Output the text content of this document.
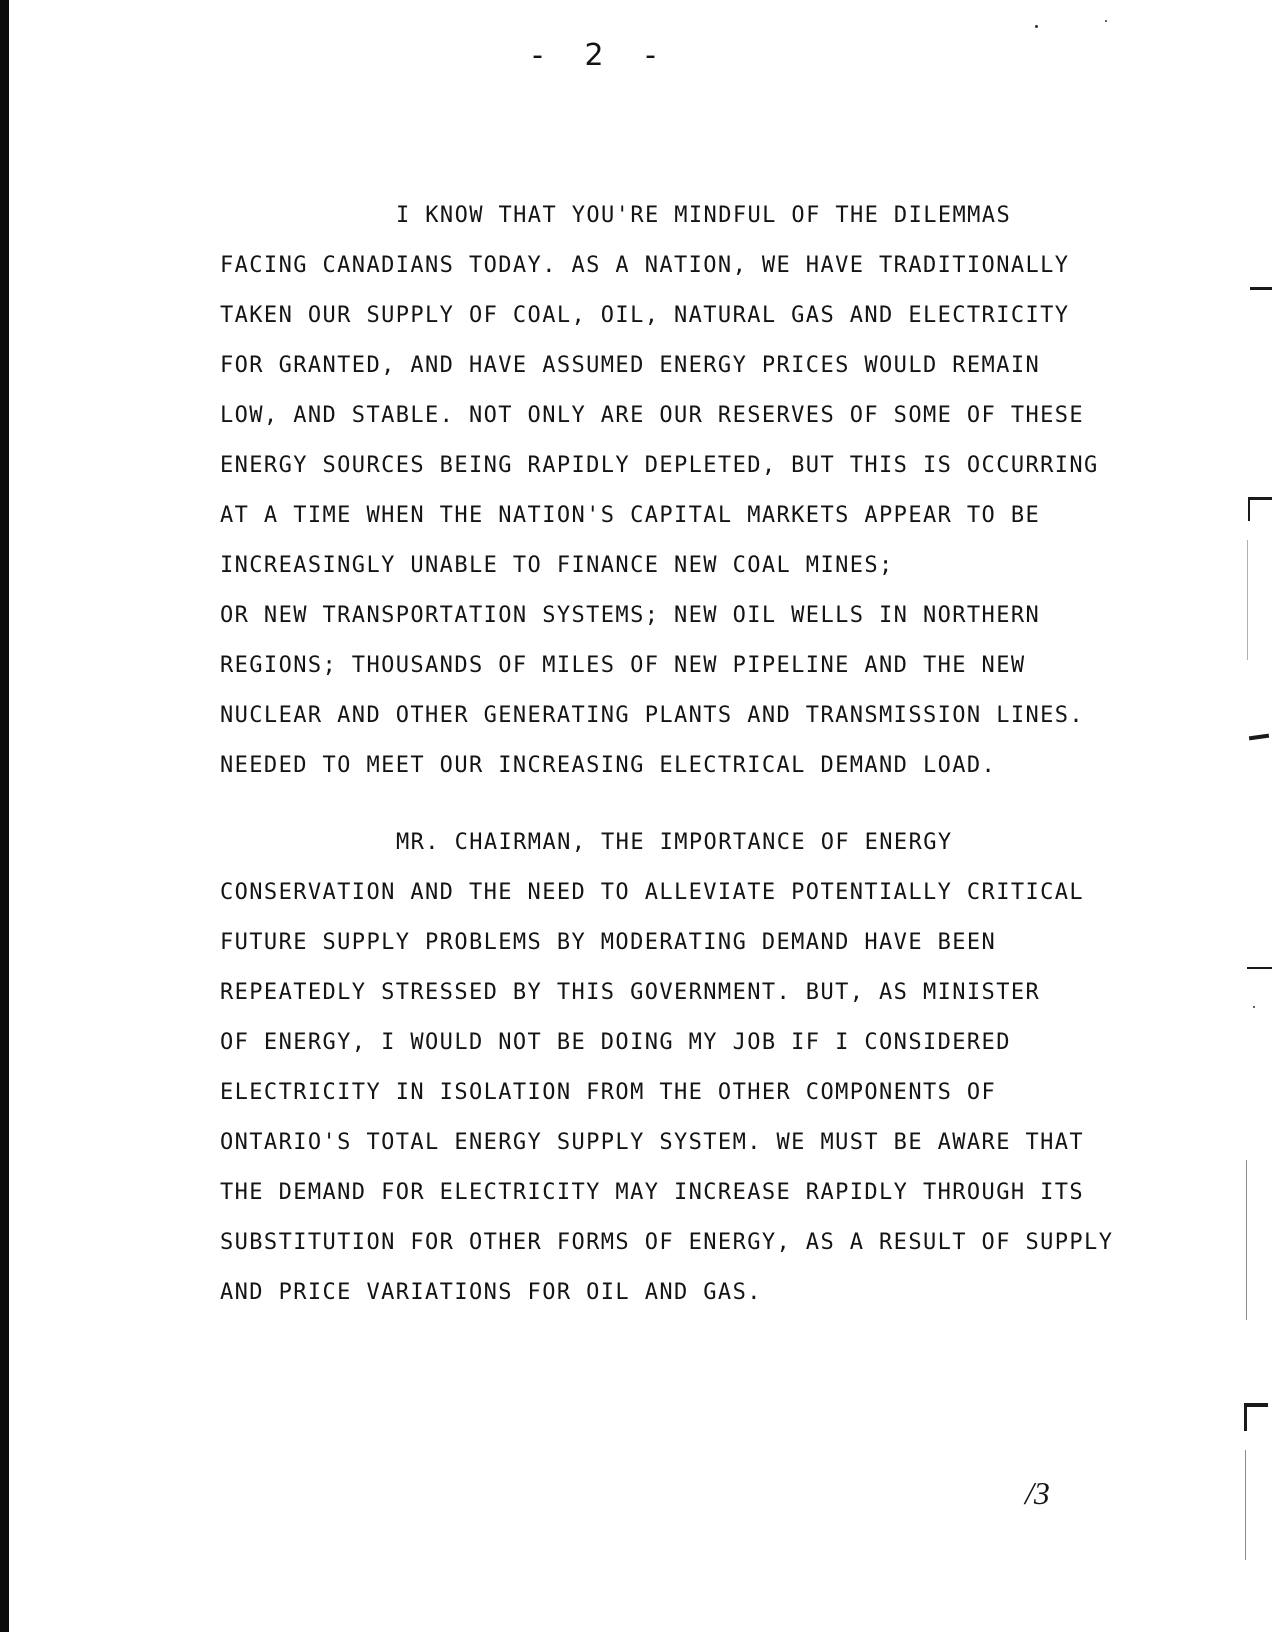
- 2 -
I KNOW THAT YOU'RE MINDFUL OF THE DILEMMAS
FACING CANADIANS TODAY. AS A NATION, WE HAVE TRADITIONALLY
TAKEN OUR SUPPLY OF COAL, OIL, NATURAL GAS AND ELECTRICITY
FOR GRANTED, AND HAVE ASSUMED ENERGY PRICES WOULD REMAIN
LOW, AND STABLE. NOT ONLY ARE OUR RESERVES OF SOME OF THESE
ENERGY SOURCES BEING RAPIDLY DEPLETED, BUT THIS IS OCCURRING
AT A TIME WHEN THE NATION'S CAPITAL MARKETS APPEAR TO BE
INCREASINGLY UNABLE TO FINANCE NEW COAL MINES;
OR NEW TRANSPORTATION SYSTEMS; NEW OIL WELLS IN NORTHERN
REGIONS; THOUSANDS OF MILES OF NEW PIPELINE AND THE NEW
NUCLEAR AND OTHER GENERATING PLANTS AND TRANSMISSION LINES.
NEEDED TO MEET OUR INCREASING ELECTRICAL DEMAND LOAD.
MR. CHAIRMAN, THE IMPORTANCE OF ENERGY
CONSERVATION AND THE NEED TO ALLEVIATE POTENTIALLY CRITICAL
FUTURE SUPPLY PROBLEMS BY MODERATING DEMAND HAVE BEEN
REPEATEDLY STRESSED BY THIS GOVERNMENT. BUT, AS MINISTER
OF ENERGY, I WOULD NOT BE DOING MY JOB IF I CONSIDERED
ELECTRICITY IN ISOLATION FROM THE OTHER COMPONENTS OF
ONTARIO'S TOTAL ENERGY SUPPLY SYSTEM. WE MUST BE AWARE THAT
THE DEMAND FOR ELECTRICITY MAY INCREASE RAPIDLY THROUGH ITS
SUBSTITUTION FOR OTHER FORMS OF ENERGY, AS A RESULT OF SUPPLY
AND PRICE VARIATIONS FOR OIL AND GAS.
/3
